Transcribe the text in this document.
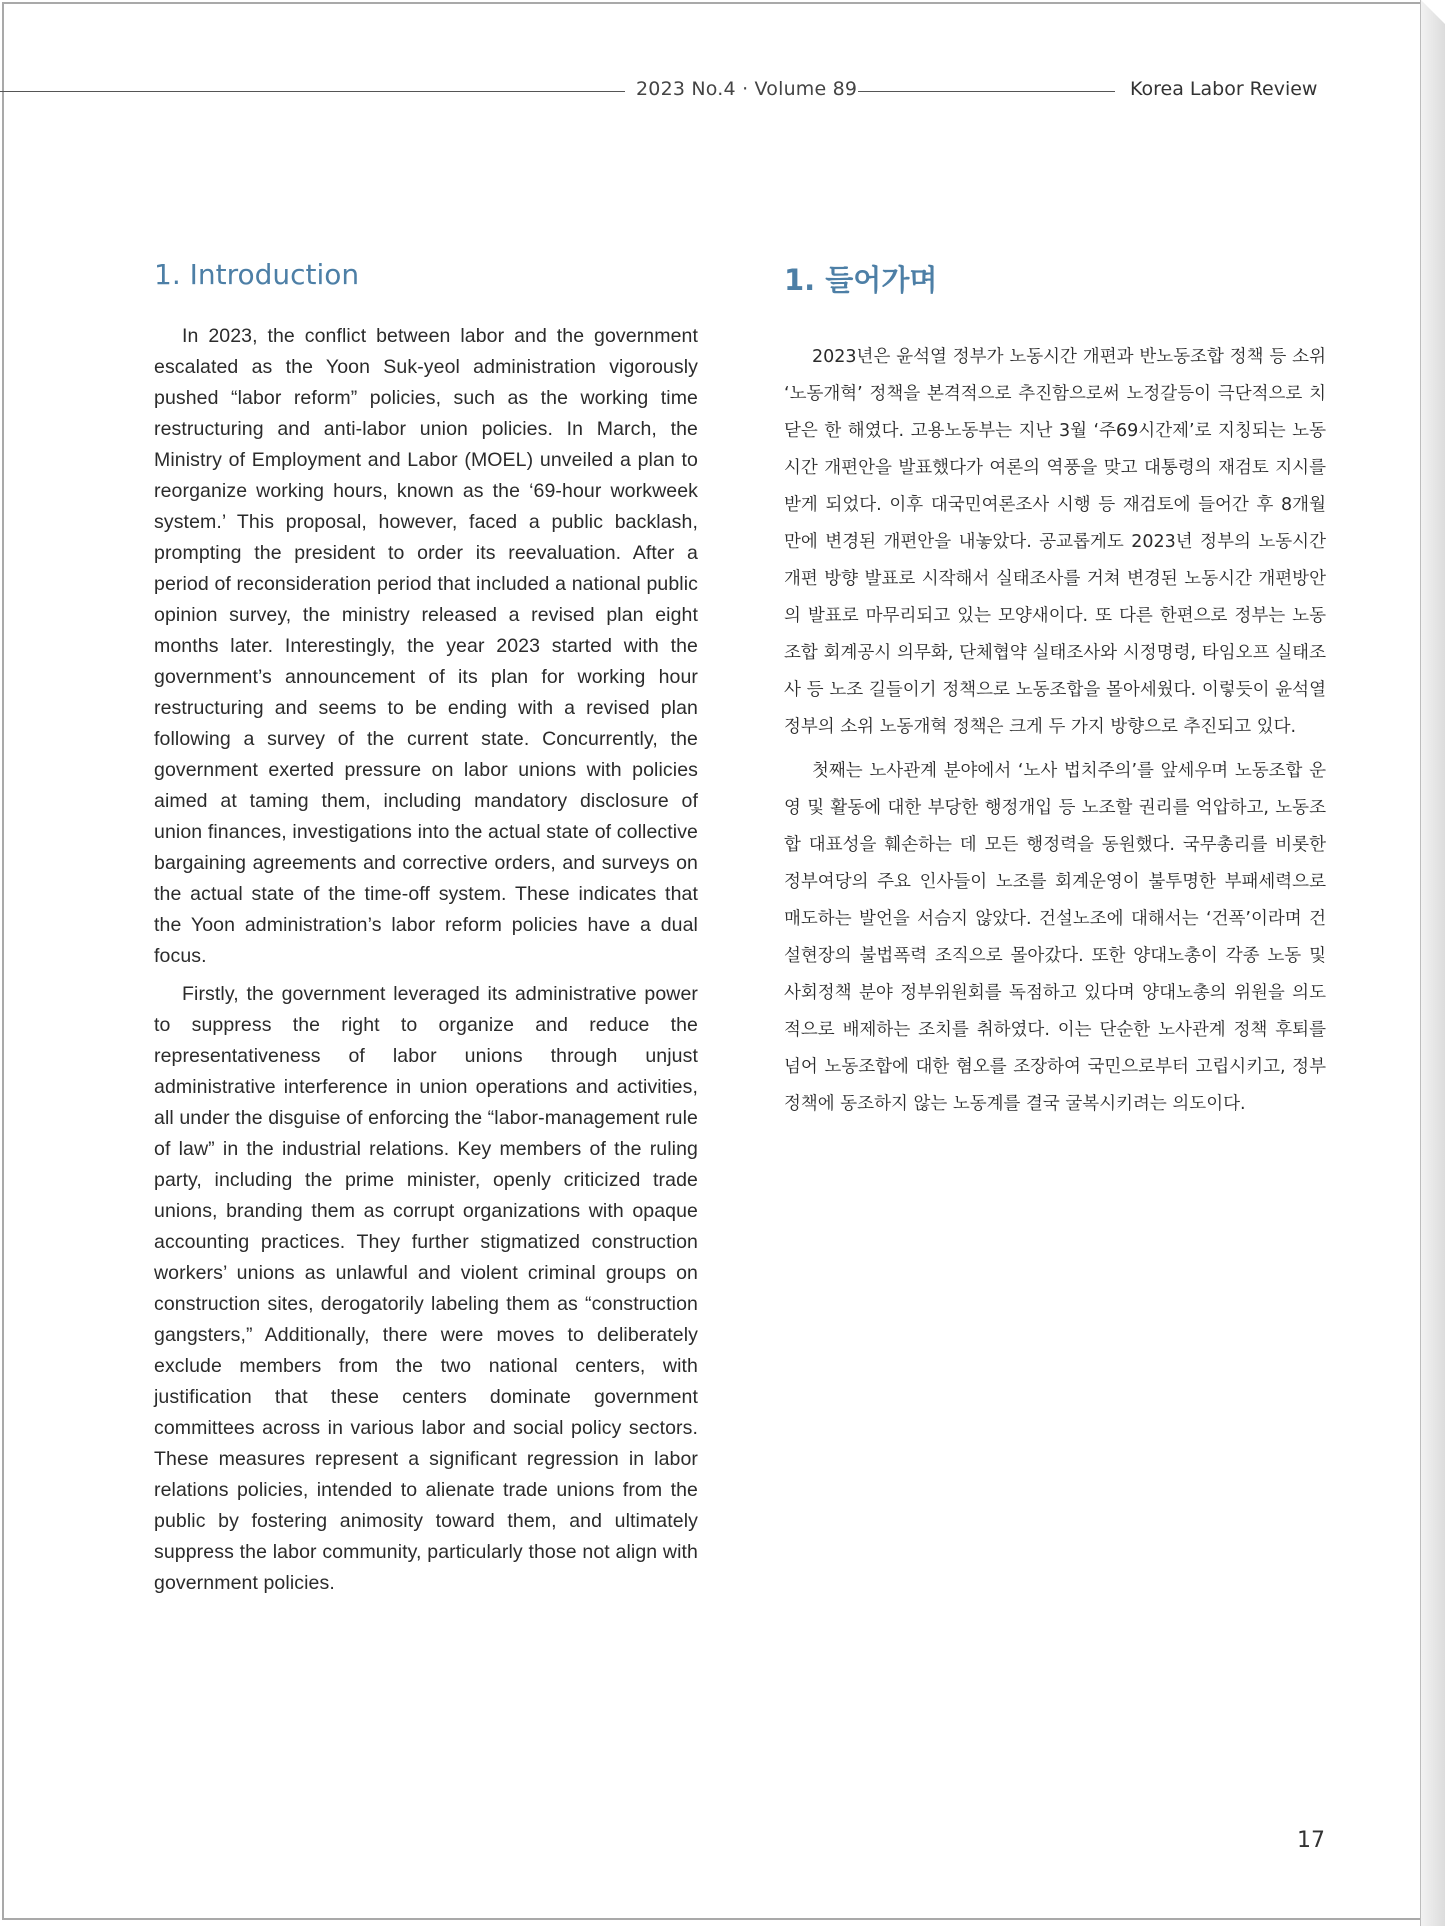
2023 No.4 · Volume 89	Korea Labor Review
1. Introduction

In 2023, the conflict between labor and the government escalated as the Yoon Suk-yeol administration vigorously pushed “labor reform” policies, such as the working time restructuring and anti-labor union policies. In March, the Ministry of Employment and Labor (MOEL) unveiled a plan to reorganize working hours, known as the ‘69-hour workweek system.’ This proposal, however, faced a public backlash, prompting the president to order its reevaluation. After a period of reconsideration period that included a national public opinion survey, the ministry released a revised plan eight months later. Interestingly, the year 2023 started with the government’s announcement of its plan for working hour restructuring and seems to be ending with a revised plan following a survey of the current state. Concurrently, the government exerted pressure on labor unions with policies aimed at taming them, including mandatory disclosure of union finances, investigations into the actual state of collective bargaining agreements and corrective orders, and surveys on the actual state of the time-off system. These indicates that the Yoon administration’s labor reform policies have a dual focus.

Firstly, the government leveraged its administrative power to suppress the right to organize and reduce the representativeness of labor unions through unjust administrative interference in union operations and activities, all under the disguise of enforcing the “labor-management rule of law” in the industrial relations. Key members of the ruling party, including the prime minister, openly criticized trade unions, branding them as corrupt organizations with opaque accounting practices. They further stigmatized construction workers’ unions as unlawful and violent criminal groups on construction sites, derogatorily labeling them as “construction gangsters,” Additionally, there were moves to deliberately exclude members from the two national centers, with justification that these centers dominate government committees across in various labor and social policy sectors. These measures represent a significant regression in labor relations policies, intended to alienate trade unions from the public by fostering animosity toward them, and ultimately suppress the labor community, particularly those not align with government policies.

1. 들어가며

2023년은 윤석열 정부가 노동시간 개편과 반노동조합 정책 등 소위 ‘노동개혁’ 정책을 본격적으로 추진함으로써 노정갈등이 극단적으로 치닫은 한 해였다. 고용노동부는 지난 3월 ‘주69시간제’로 지칭되는 노동시간 개편안을 발표했다가 여론의 역풍을 맞고 대통령의 재검토 지시를 받게 되었다. 이후 대국민여론조사 시행 등 재검토에 들어간 후 8개월 만에 변경된 개편안을 내놓았다. 공교롭게도 2023년 정부의 노동시간 개편 방향 발표로 시작해서 실태조사를 거쳐 변경된 노동시간 개편방안의 발표로 마무리되고 있는 모양새이다. 또 다른 한편으로 정부는 노동조합 회계공시 의무화, 단체협약 실태조사와 시정명령, 타임오프 실태조사 등 노조 길들이기 정책으로 노동조합을 몰아세웠다. 이렇듯이 윤석열 정부의 소위 노동개혁 정책은 크게 두 가지 방향으로 추진되고 있다.

첫째는 노사관계 분야에서 ‘노사 법치주의’를 앞세우며 노동조합 운영 및 활동에 대한 부당한 행정개입 등 노조할 권리를 억압하고, 노동조합 대표성을 훼손하는 데 모든 행정력을 동원했다. 국무총리를 비롯한 정부여당의 주요 인사들이 노조를 회계운영이 불투명한 부패세력으로 매도하는 발언을 서슴지 않았다. 건설노조에 대해서는 ‘건폭’이라며 건설현장의 불법폭력 조직으로 몰아갔다. 또한 양대노총이 각종 노동 및 사회정책 분야 정부위원회를 독점하고 있다며 양대노총의 위원을 의도적으로 배제하는 조치를 취하였다. 이는 단순한 노사관계 정책 후퇴를 넘어 노동조합에 대한 혐오를 조장하여 국민으로부터 고립시키고, 정부정책에 동조하지 않는 노동계를 결국 굴복시키려는 의도이다.

17
